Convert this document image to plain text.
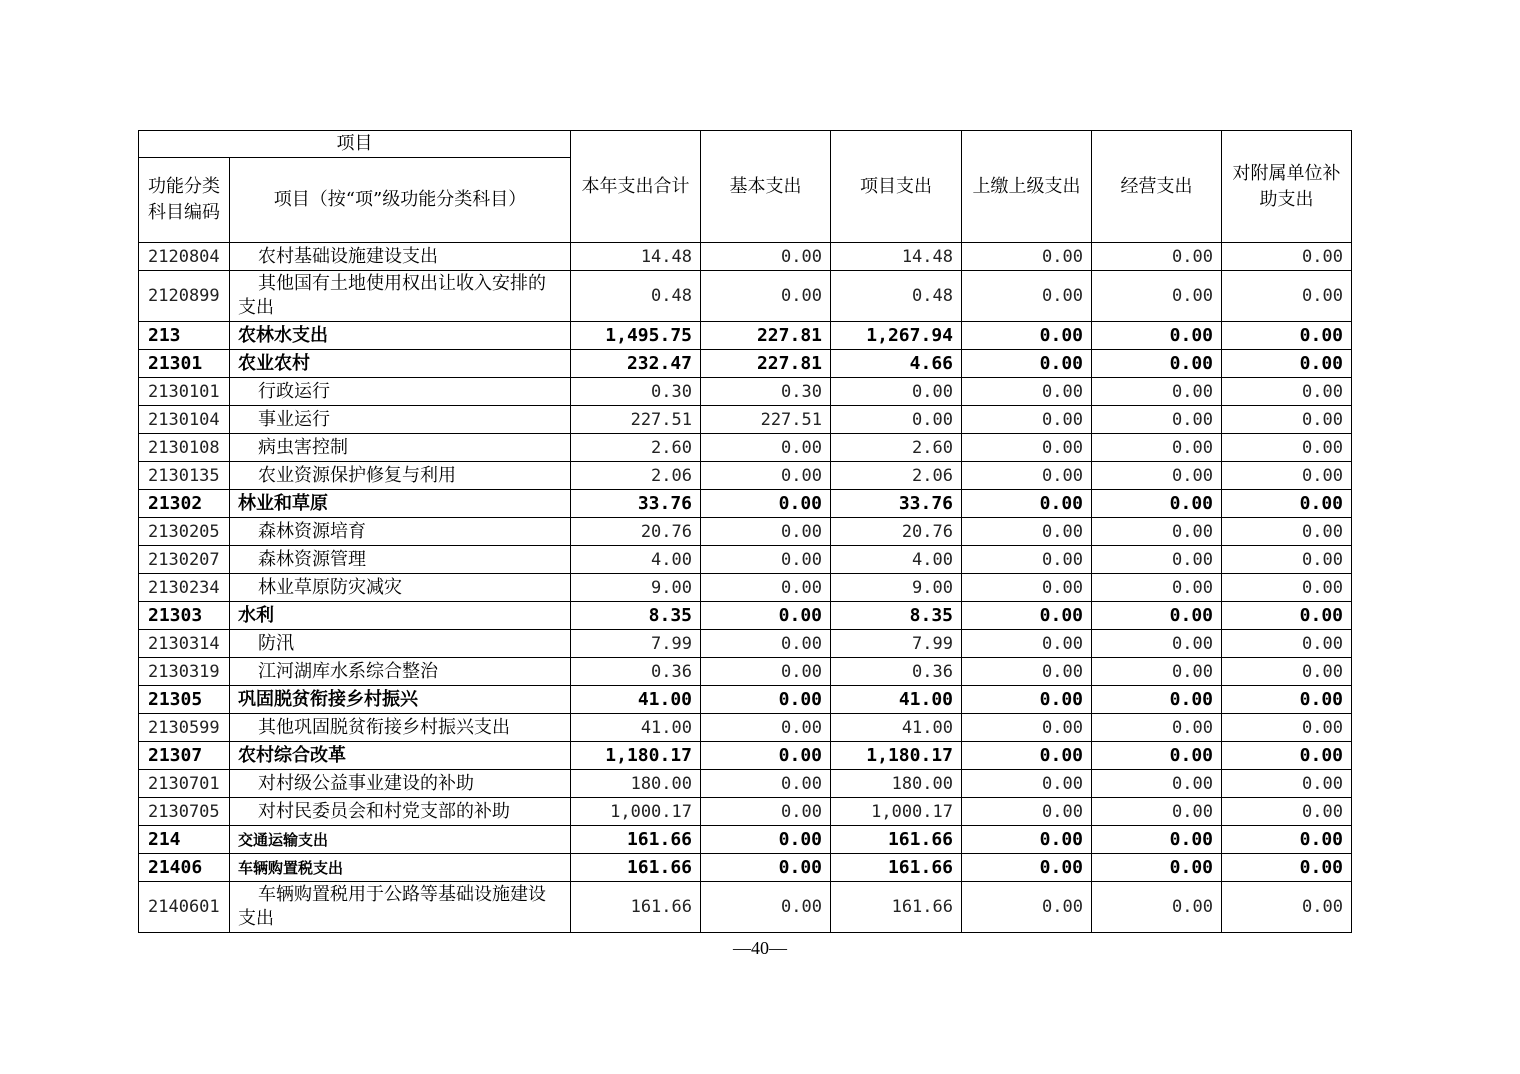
项目		本年支出合计	基本支出	项目支出	上缴上级支出	经营支出	对附属单位补助支出
功能分类科目编码	项目（按“项”级功能分类科目）						
2120804	农村基础设施建设支出	14.48	0.00	14.48	0.00	0.00	0.00
2120899	其他国有土地使用权出让收入安排的支出	0.48	0.00	0.48	0.00	0.00	0.00
213	农林水支出	1,495.75	227.81	1,267.94	0.00	0.00	0.00
21301	农业农村	232.47	227.81	4.66	0.00	0.00	0.00
2130101	行政运行	0.30	0.30	0.00	0.00	0.00	0.00
2130104	事业运行	227.51	227.51	0.00	0.00	0.00	0.00
2130108	病虫害控制	2.60	0.00	2.60	0.00	0.00	0.00
2130135	农业资源保护修复与利用	2.06	0.00	2.06	0.00	0.00	0.00
21302	林业和草原	33.76	0.00	33.76	0.00	0.00	0.00
2130205	森林资源培育	20.76	0.00	20.76	0.00	0.00	0.00
2130207	森林资源管理	4.00	0.00	4.00	0.00	0.00	0.00
2130234	林业草原防灾减灾	9.00	0.00	9.00	0.00	0.00	0.00
21303	水利	8.35	0.00	8.35	0.00	0.00	0.00
2130314	防汛	7.99	0.00	7.99	0.00	0.00	0.00
2130319	江河湖库水系综合整治	0.36	0.00	0.36	0.00	0.00	0.00
21305	巩固脱贫衔接乡村振兴	41.00	0.00	41.00	0.00	0.00	0.00
2130599	其他巩固脱贫衔接乡村振兴支出	41.00	0.00	41.00	0.00	0.00	0.00
21307	农村综合改革	1,180.17	0.00	1,180.17	0.00	0.00	0.00
2130701	对村级公益事业建设的补助	180.00	0.00	180.00	0.00	0.00	0.00
2130705	对村民委员会和村党支部的补助	1,000.17	0.00	1,000.17	0.00	0.00	0.00
214	交通运输支出	161.66	0.00	161.66	0.00	0.00	0.00
21406	车辆购置税支出	161.66	0.00	161.66	0.00	0.00	0.00
2140601	车辆购置税用于公路等基础设施建设支出	161.66	0.00	161.66	0.00	0.00	0.00
—40—
